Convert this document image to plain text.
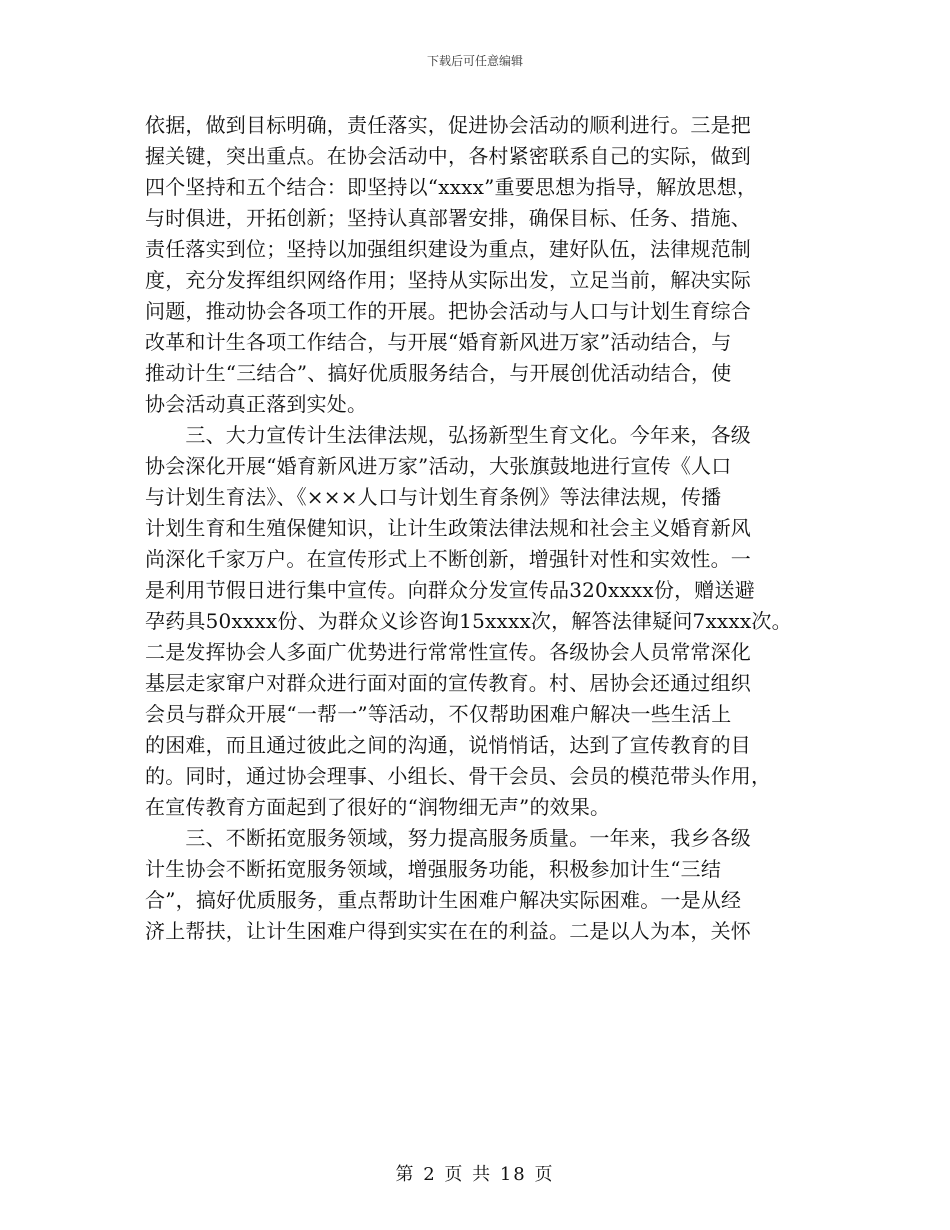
下载后可任意编辑
依据，做到目标明确，责任落实，促进协会活动的顺利进行。三是把
握关键，突出重点。在协会活动中，各村紧密联系自己的实际，做到
四个坚持和五个结合：即坚持以“xxxx”重要思想为指导，解放思想，
与时俱进，开拓创新；坚持认真部署安排，确保目标、任务、措施、
责任落实到位；坚持以加强组织建设为重点，建好队伍，法律规范制
度，充分发挥组织网络作用；坚持从实际出发，立足当前，解决实际
问题，推动协会各项工作的开展。把协会活动与人口与计划生育综合
改革和计生各项工作结合，与开展“婚育新风进万家”活动结合，与
推动计生“三结合”、搞好优质服务结合，与开展创优活动结合，使
协会活动真正落到实处。
　　三、大力宣传计生法律法规，弘扬新型生育文化。今年来，各级
协会深化开展“婚育新风进万家”活动，大张旗鼓地进行宣传《人口
与计划生育法》、《×××人口与计划生育条例》等法律法规，传播
计划生育和生殖保健知识，让计生政策法律法规和社会主义婚育新风
尚深化千家万户。在宣传形式上不断创新，增强针对性和实效性。一
是利用节假日进行集中宣传。向群众分发宣传品320xxxx份，赠送避
孕药具50xxxx份、为群众义诊咨询15xxxx次，解答法律疑问7xxxx次。
二是发挥协会人多面广优势进行常常性宣传。各级协会人员常常深化
基层走家窜户对群众进行面对面的宣传教育。村、居协会还通过组织
会员与群众开展“一帮一”等活动，不仅帮助困难户解决一些生活上
的困难，而且通过彼此之间的沟通，说悄悄话，达到了宣传教育的目
的。同时，通过协会理事、小组长、骨干会员、会员的模范带头作用，
在宣传教育方面起到了很好的“润物细无声”的效果。
　　三、不断拓宽服务领域，努力提高服务质量。一年来，我乡各级
计生协会不断拓宽服务领域，增强服务功能，积极参加计生“三结
合”，搞好优质服务，重点帮助计生困难户解决实际困难。一是从经
济上帮扶，让计生困难户得到实实在在的利益。二是以人为本，关怀
第 2 页 共 18 页
